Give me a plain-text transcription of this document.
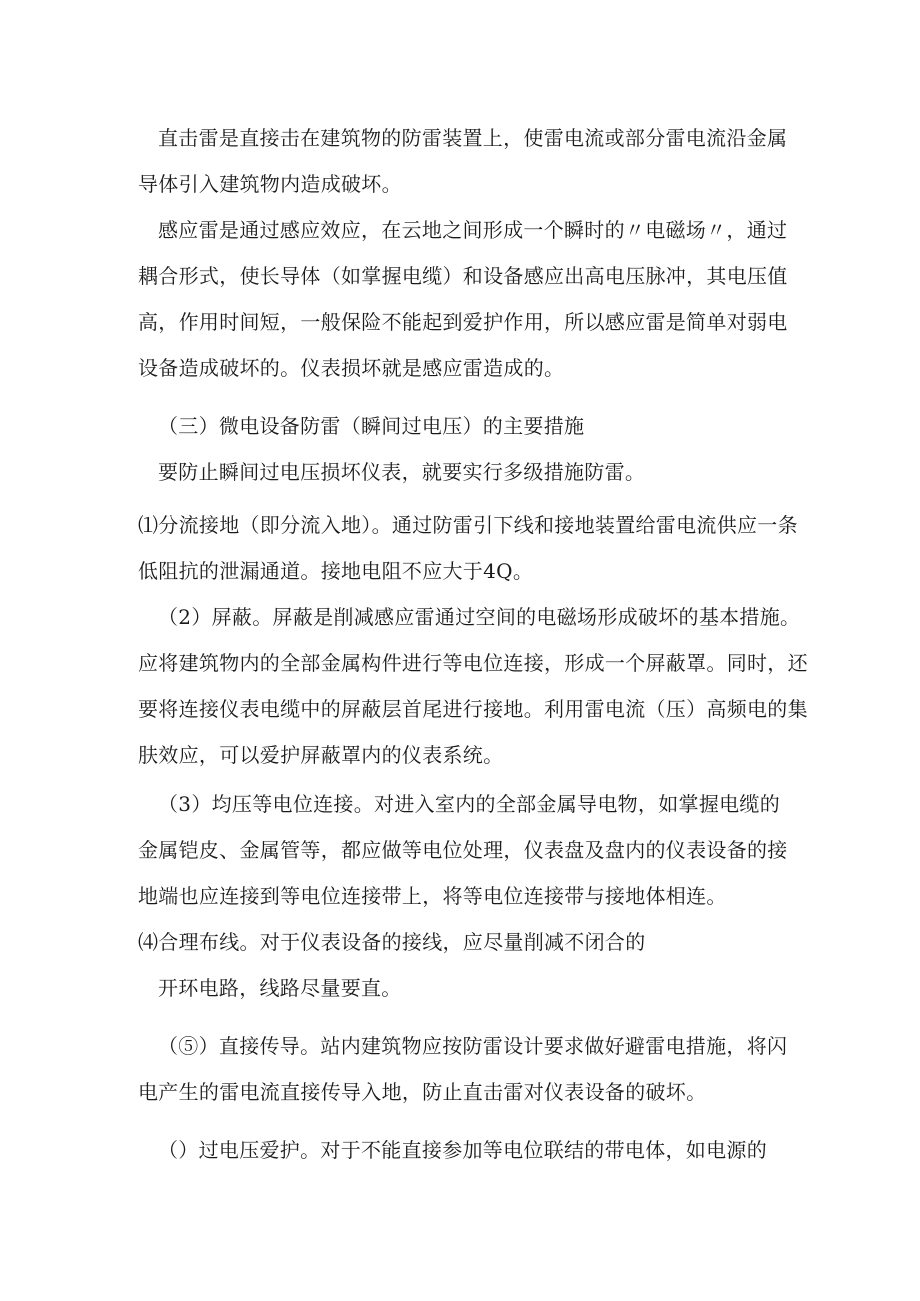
直击雷是直接击在建筑物的防雷装置上，使雷电流或部分雷电流沿金属导体引入建筑物内造成破坏。

感应雷是通过感应效应，在云地之间形成一个瞬时的〃电磁场〃，通过耦合形式，使长导体（如掌握电缆）和设备感应出高电压脉冲，其电压值高，作用时间短，一般保险不能起到爱护作用，所以感应雷是简单对弱电设备造成破坏的。仪表损坏就是感应雷造成的。

（三）微电设备防雷（瞬间过电压）的主要措施

要防止瞬间过电压损坏仪表，就要实行多级措施防雷。

⑴分流接地（即分流入地）。通过防雷引下线和接地装置给雷电流供应一条低阻抗的泄漏通道。接地电阻不应大于4Q。

（2）屏蔽。屏蔽是削减感应雷通过空间的电磁场形成破坏的基本措施。应将建筑物内的全部金属构件进行等电位连接，形成一个屏蔽罩。同时，还要将连接仪表电缆中的屏蔽层首尾进行接地。利用雷电流（压）高频电的集肤效应，可以爱护屏蔽罩内的仪表系统。

（3）均压等电位连接。对进入室内的全部金属导电物，如掌握电缆的金属铠皮、金属管等，都应做等电位处理，仪表盘及盘内的仪表设备的接地端也应连接到等电位连接带上，将等电位连接带与接地体相连。

⑷合理布线。对于仪表设备的接线，应尽量削减不闭合的

开环电路，线路尽量要直。

（⑤）直接传导。站内建筑物应按防雷设计要求做好避雷电措施，将闪电产生的雷电流直接传导入地，防止直击雷对仪表设备的破坏。

（）过电压爱护。对于不能直接参加等电位联结的带电体，如电源的
